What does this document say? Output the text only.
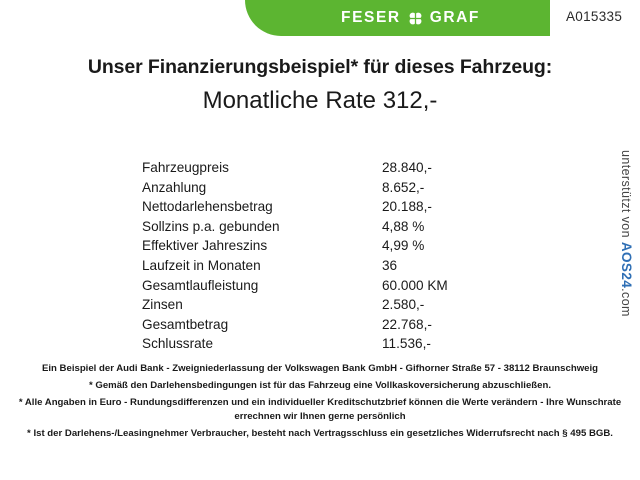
FESER GRAF	A015335
Unser Finanzierungsbeispiel* für dieses Fahrzeug:
Monatliche Rate 312,-
Fahrzeugpreis	28.840,-
Anzahlung	8.652,-
Nettodarlehensbetrag	20.188,-
Sollzins p.a. gebunden	4,88 %
Effektiver Jahreszins	4,99 %
Laufzeit in Monaten	36
Gesamtlaufleistung	60.000 KM
Zinsen	2.580,-
Gesamtbetrag	22.768,-
Schlussrate	11.536,-
unterstützt von AOS24.com
Ein Beispiel der Audi Bank - Zweigniederlassung der Volkswagen Bank GmbH - Gifhorner Straße 57 - 38112 Braunschweig
* Gemäß den Darlehensbedingungen ist für das Fahrzeug eine Vollkaskoversicherung abzuschließen.
* Alle Angaben in Euro - Rundungsdifferenzen und ein individueller Kreditschutzbrief können die Werte verändern - Ihre Wunschrate errechnen wir Ihnen gerne persönlich
* Ist der Darlehens-/Leasingnehmer Verbraucher, besteht nach Vertragsschluss ein gesetzliches Widerrufsrecht nach § 495 BGB.
